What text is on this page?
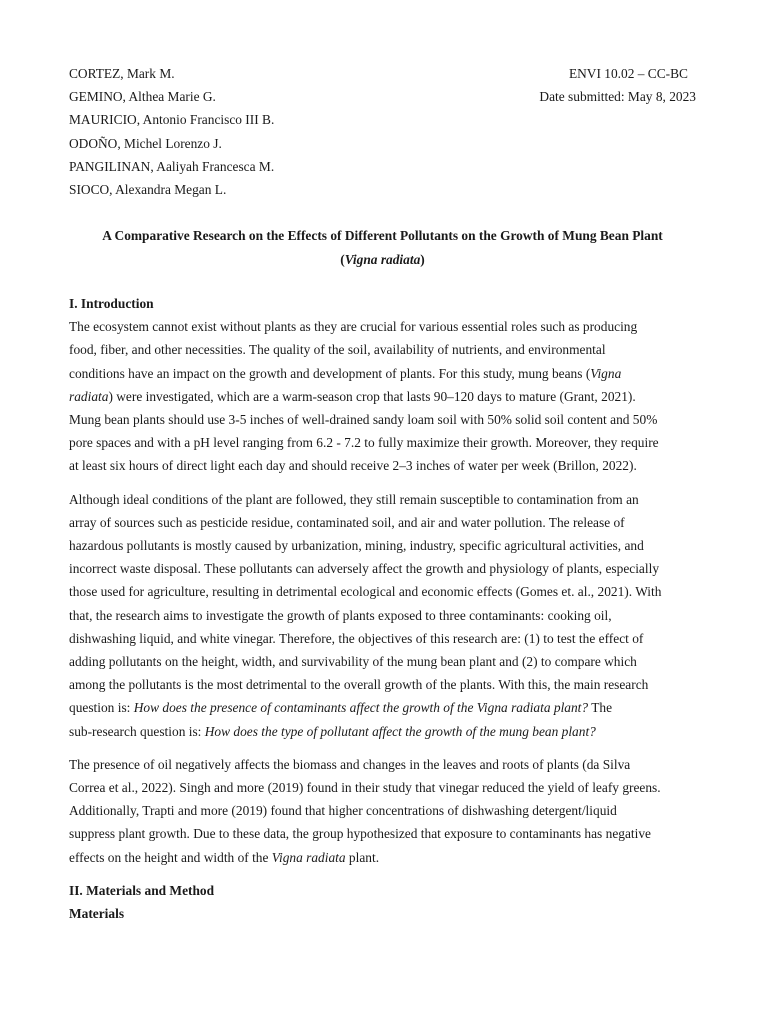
CORTEZ, Mark M.
GEMINO, Althea Marie G.
MAURICIO, Antonio Francisco III B.
ODOÑO, Michel Lorenzo J.
PANGILINAN, Aaliyah Francesca M.
SIOCO, Alexandra Megan L.
ENVI 10.02 – CC-BC
Date submitted: May 8, 2023
A Comparative Research on the Effects of Different Pollutants on the Growth of Mung Bean Plant
(Vigna radiata)
I. Introduction
The ecosystem cannot exist without plants as they are crucial for various essential roles such as producing
food, fiber, and other necessities. The quality of the soil, availability of nutrients, and environmental
conditions have an impact on the growth and development of plants. For this study, mung beans (Vigna
radiata) were investigated, which are a warm-season crop that lasts 90–120 days to mature (Grant, 2021).
Mung bean plants should use 3-5 inches of well-drained sandy loam soil with 50% solid soil content and 50%
pore spaces and with a pH level ranging from 6.2 - 7.2 to fully maximize their growth. Moreover, they require
at least six hours of direct light each day and should receive 2–3 inches of water per week (Brillon, 2022).
Although ideal conditions of the plant are followed, they still remain susceptible to contamination from an
array of sources such as pesticide residue, contaminated soil, and air and water pollution. The release of
hazardous pollutants is mostly caused by urbanization, mining, industry, specific agricultural activities, and
incorrect waste disposal. These pollutants can adversely affect the growth and physiology of plants, especially
those used for agriculture, resulting in detrimental ecological and economic effects (Gomes et. al., 2021). With
that, the research aims to investigate the growth of plants exposed to three contaminants: cooking oil,
dishwashing liquid, and white vinegar. Therefore, the objectives of this research are: (1) to test the effect of
adding pollutants on the height, width, and survivability of the mung bean plant and (2) to compare which
among the pollutants is the most detrimental to the overall growth of the plants. With this, the main research
question is: How does the presence of contaminants affect the growth of the Vigna radiata plant? The
sub-research question is: How does the type of pollutant affect the growth of the mung bean plant?
The presence of oil negatively affects the biomass and changes in the leaves and roots of plants (da Silva
Correa et al., 2022). Singh and more (2019) found in their study that vinegar reduced the yield of leafy greens.
Additionally, Trapti and more (2019) found that higher concentrations of dishwashing detergent/liquid
suppress plant growth. Due to these data, the group hypothesized that exposure to contaminants has negative
effects on the height and width of the Vigna radiata plant.
II. Materials and Method
Materials
